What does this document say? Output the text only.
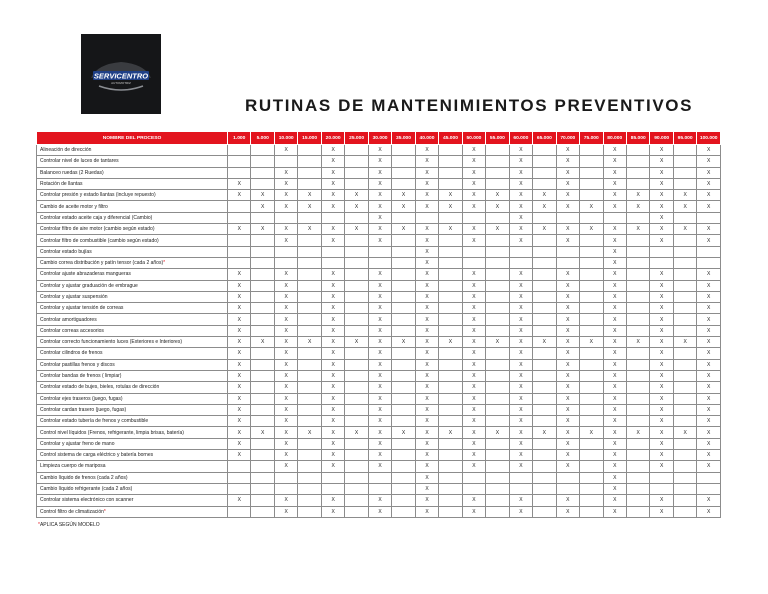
SERVICENTRO
AUTOMOTRIZ
RUTINAS DE MANTENIMIENTOS PREVENTIVOS
NOMBRE DEL PROCESO	1.000	5.000	10.000	15.000	20.000	25.000	30.000	35.000	40.000	45.000	50.000	55.000	60.000	65.000	70.000	75.000	80.000	85.000	90.000	95.000	100.000
Alineación de dirección			X		X		X		X		X		X		X		X		X		X
Controlar nivel de luces de tantares					X		X		X		X		X		X		X		X		X
Balanceo ruedas (2 Ruedas)			X		X		X		X		X		X		X		X		X		X
Rotación de llantas	X		X		X		X		X		X		X		X		X		X		X
Controlar presión y estado llantas (incluye repuesto)	X	X	X	X	X	X	X	X	X	X	X	X	X	X	X		X	X	X	X	X
Cambio de aceite motor y filtro		X	X	X	X	X	X	X	X	X	X	X	X	X	X	X	X	X	X	X	X
Controlar estado aceite caja y diferencial (Cambio)							X						X						X		
Controlar filtro de aire motor (cambio según estado)	X	X	X	X	X	X	X	X	X	X	X	X	X	X	X	X	X	X	X	X	X
Controlar filtro de combustible (cambio según estado)			X		X		X		X		X		X		X		X		X		X
Controlar estado bujías									X								X				
Cambio correa distribución y patín tensor (cada 2 años)*									X								X				
Controlar ajuste abrazaderas mangueras	X		X		X		X		X		X		X		X		X		X		X
Controlar y ajustar graduación de embrague	X		X		X		X		X		X		X		X		X		X		X
Controlar y ajustar suspensión	X		X		X		X		X		X		X		X		X		X		X
Controlar y ajustar tensión de correas	X		X		X		X		X		X		X		X		X		X		X
Controlar amortiguadores	X		X		X		X		X		X		X		X		X		X		X
Controlar correas accesorios	X		X		X		X		X		X		X		X		X		X		X
Controlar correcto funcionamiento luces (Exteriores e Interiores)	X	X	X	X	X	X	X	X	X	X	X	X	X	X	X	X	X	X	X	X	X
Controlar cilindros de frenos	X		X		X		X		X		X		X		X		X		X		X
Controlar pastillas frenos y discos	X		X		X		X		X		X		X		X		X		X		X
Controlar bandas de frenos ( limpiar)	X		X		X		X		X		X		X		X		X		X		X
Controlar estado de bujes, bieles, rotulas de dirección	X		X		X		X		X		X		X		X		X		X		X
Controlar ejes traseros (juego, fugas)	X		X		X		X		X		X		X		X		X		X		X
Controlar cardan trasero (juego, fugas)	X		X		X		X		X		X		X		X		X		X		X
Controlar estado tubería de frenos y combustible	X		X		X		X		X		X		X		X		X		X		X
Control nivel líquidos (Frenos, refrigerante, limpia brisas, batería)	X	X	X	X	X	X	X	X	X	X	X	X	X	X	X	X	X	X	X	X	X
Controlar y ajustar freno de mano	X		X		X		X		X		X		X		X		X		X		X
Control sistema de carga eléctrico y batería bornes	X		X		X		X		X		X		X		X		X		X		X
Limpieza cuerpo de mariposa			X		X		X		X		X		X		X		X		X		X
Cambio líquido de frenos (cada 2 años)									X								X				
Cambio líquido refrigerante (cada 2 años)									X								X				
Controlar sistema electrónico con scanner	X		X		X		X		X		X		X		X		X		X		X
Control filtro de climatización*			X		X		X		X		X		X		X		X		X		X
*APLICA SEGÚN MODELO
